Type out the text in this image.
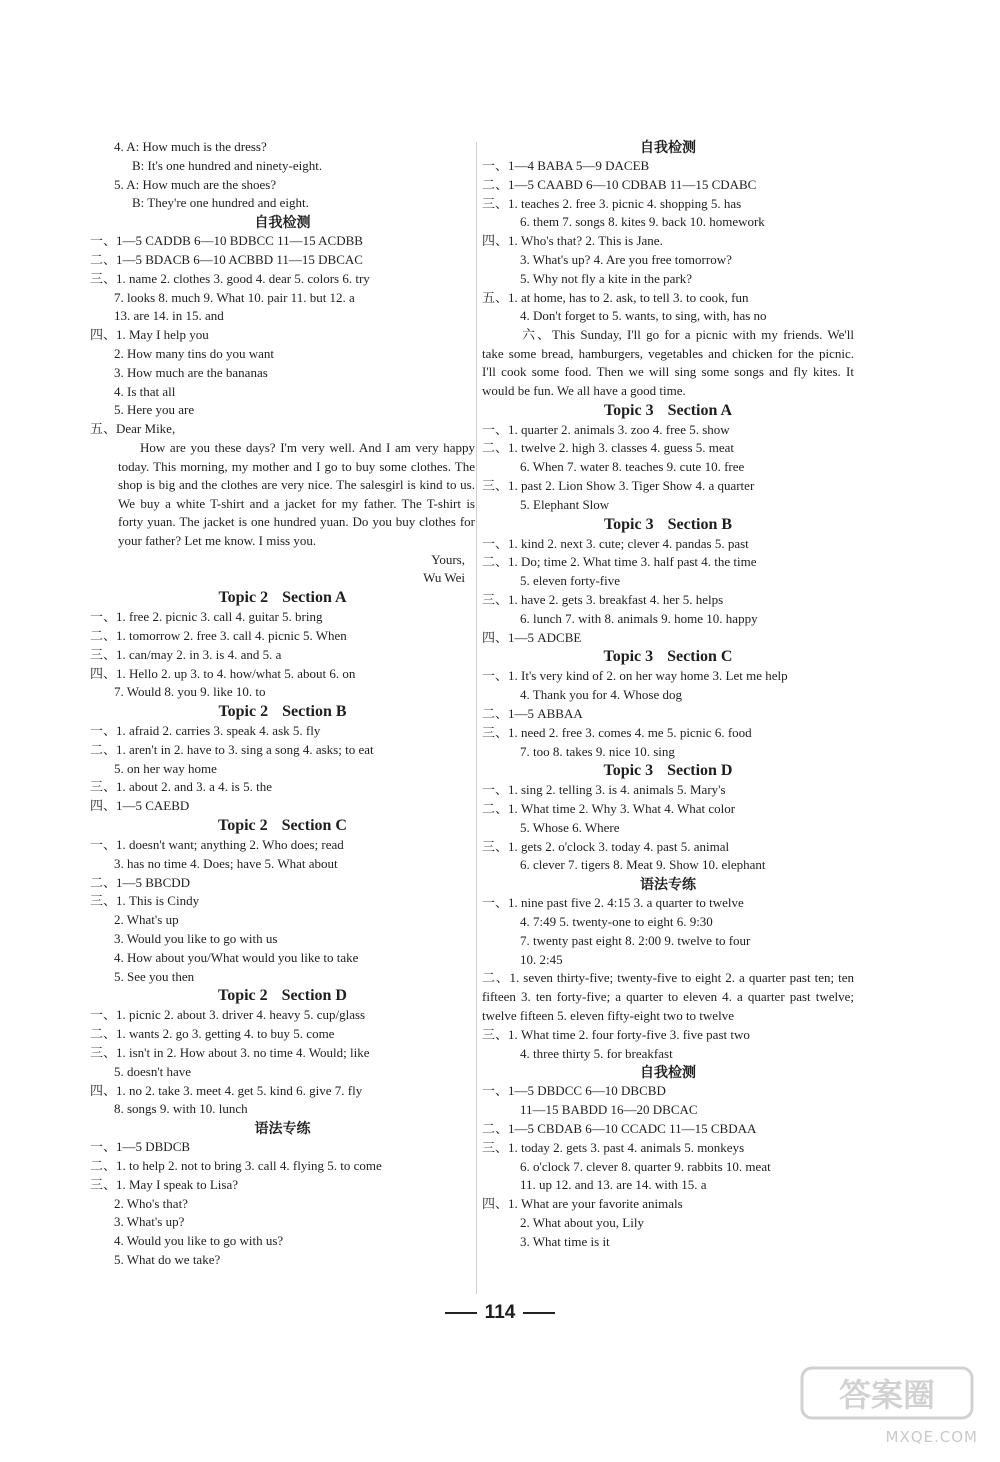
4. A: How much is the dress?
B: It's one hundred and ninety-eight.
5. A: How much are the shoes?
B: They're one hundred and eight.
自我检测
一、1—5 CADDB 6—10 BDBCC 11—15 ACDBB
二、1—5 BDACB 6—10 ACBBD 11—15 DBCAC
三、1. name 2. clothes 3. good 4. dear 5. colors 6. try
7. looks 8. much 9. What 10. pair 11. but 12. a
13. are 14. in 15. and
四、1. May I help you
2. How many tins do you want
3. How much are the bananas
4. Is that all
5. Here you are
五、Dear Mike,
How are you these days? I'm very well. And I am very happy today. This morning, my mother and I go to buy some clothes. The shop is big and the clothes are very nice. The salesgirl is kind to us. We buy a white T-shirt and a jacket for my father. The T-shirt is forty yuan. The jacket is one hundred yuan. Do you buy clothes for your father? Let me know. I miss you.
Yours,
Wu Wei
Topic 2 Section A
一、1. free 2. picnic 3. call 4. guitar 5. bring
二、1. tomorrow 2. free 3. call 4. picnic 5. When
三、1. can/may 2. in 3. is 4. and 5. a
四、1. Hello 2. up 3. to 4. how/what 5. about 6. on
7. Would 8. you 9. like 10. to
Topic 2 Section B
一、1. afraid 2. carries 3. speak 4. ask 5. fly
二、1. aren't in 2. have to 3. sing a song 4. asks; to eat
5. on her way home
三、1. about 2. and 3. a 4. is 5. the
四、1—5 CAEBD
Topic 2 Section C
一、1. doesn't want; anything 2. Who does; read
3. has no time 4. Does; have 5. What about
二、1—5 BBCDD
三、1. This is Cindy
2. What's up
3. Would you like to go with us
4. How about you/What would you like to take
5. See you then
Topic 2 Section D
一、1. picnic 2. about 3. driver 4. heavy 5. cup/glass
二、1. wants 2. go 3. getting 4. to buy 5. come
三、1. isn't in 2. How about 3. no time 4. Would; like
5. doesn't have
四、1. no 2. take 3. meet 4. get 5. kind 6. give 7. fly
8. songs 9. with 10. lunch
语法专练
一、1—5 DBDCB
二、1. to help 2. not to bring 3. call 4. flying 5. to come
三、1. May I speak to Lisa?
2. Who's that?
3. What's up?
4. Would you like to go with us?
5. What do we take?
自我检测
一、1—4 BABA 5—9 DACEB
二、1—5 CAABD 6—10 CDBAB 11—15 CDABC
三、1. teaches 2. free 3. picnic 4. shopping 5. has
6. them 7. songs 8. kites 9. back 10. homework
四、1. Who's that? 2. This is Jane.
3. What's up? 4. Are you free tomorrow?
5. Why not fly a kite in the park?
五、1. at home, has to 2. ask, to tell 3. to cook, fun
4. Don't forget to 5. wants, to sing, with, has no
六、This Sunday, I'll go for a picnic with my friends. We'll take some bread, hamburgers, vegetables and chicken for the picnic. I'll cook some food. Then we will sing some songs and fly kites. It would be fun. We all have a good time.
Topic 3 Section A
一、1. quarter 2. animals 3. zoo 4. free 5. show
二、1. twelve 2. high 3. classes 4. guess 5. meat
6. When 7. water 8. teaches 9. cute 10. free
三、1. past 2. Lion Show 3. Tiger Show 4. a quarter
5. Elephant Slow
Topic 3 Section B
一、1. kind 2. next 3. cute; clever 4. pandas 5. past
二、1. Do; time 2. What time 3. half past 4. the time
5. eleven forty-five
三、1. have 2. gets 3. breakfast 4. her 5. helps
6. lunch 7. with 8. animals 9. home 10. happy
四、1—5 ADCBE
Topic 3 Section C
一、1. It's very kind of 2. on her way home 3. Let me help
4. Thank you for 4. Whose dog
二、1—5 ABBAA
三、1. need 2. free 3. comes 4. me 5. picnic 6. food
7. too 8. takes 9. nice 10. sing
Topic 3 Section D
一、1. sing 2. telling 3. is 4. animals 5. Mary's
二、1. What time 2. Why 3. What 4. What color
5. Whose 6. Where
三、1. gets 2. o'clock 3. today 4. past 5. animal
6. clever 7. tigers 8. Meat 9. Show 10. elephant
语法专练
一、1. nine past five 2. 4:15 3. a quarter to twelve
4. 7:49 5. twenty-one to eight 6. 9:30
7. twenty past eight 8. 2:00 9. twelve to four
10. 2:45
二、1. seven thirty-five; twenty-five to eight 2. a quarter past ten; ten fifteen 3. ten forty-five; a quarter to eleven 4. a quarter past twelve; twelve fifteen 5. eleven fifty-eight two to twelve
三、1. What time 2. four forty-five 3. five past two
4. three thirty 5. for breakfast
自我检测
一、1—5 DBDCC 6—10 DBCBD
11—15 BABDD 16—20 DBCAC
二、1—5 CBDAB 6—10 CCADC 11—15 CBDAA
三、1. today 2. gets 3. past 4. animals 5. monkeys
6. o'clock 7. clever 8. quarter 9. rabbits 10. meat
11. up 12. and 13. are 14. with 15. a
四、1. What are your favorite animals
2. What about you, Lily
3. What time is it
114
答案圈
MXQE.COM
